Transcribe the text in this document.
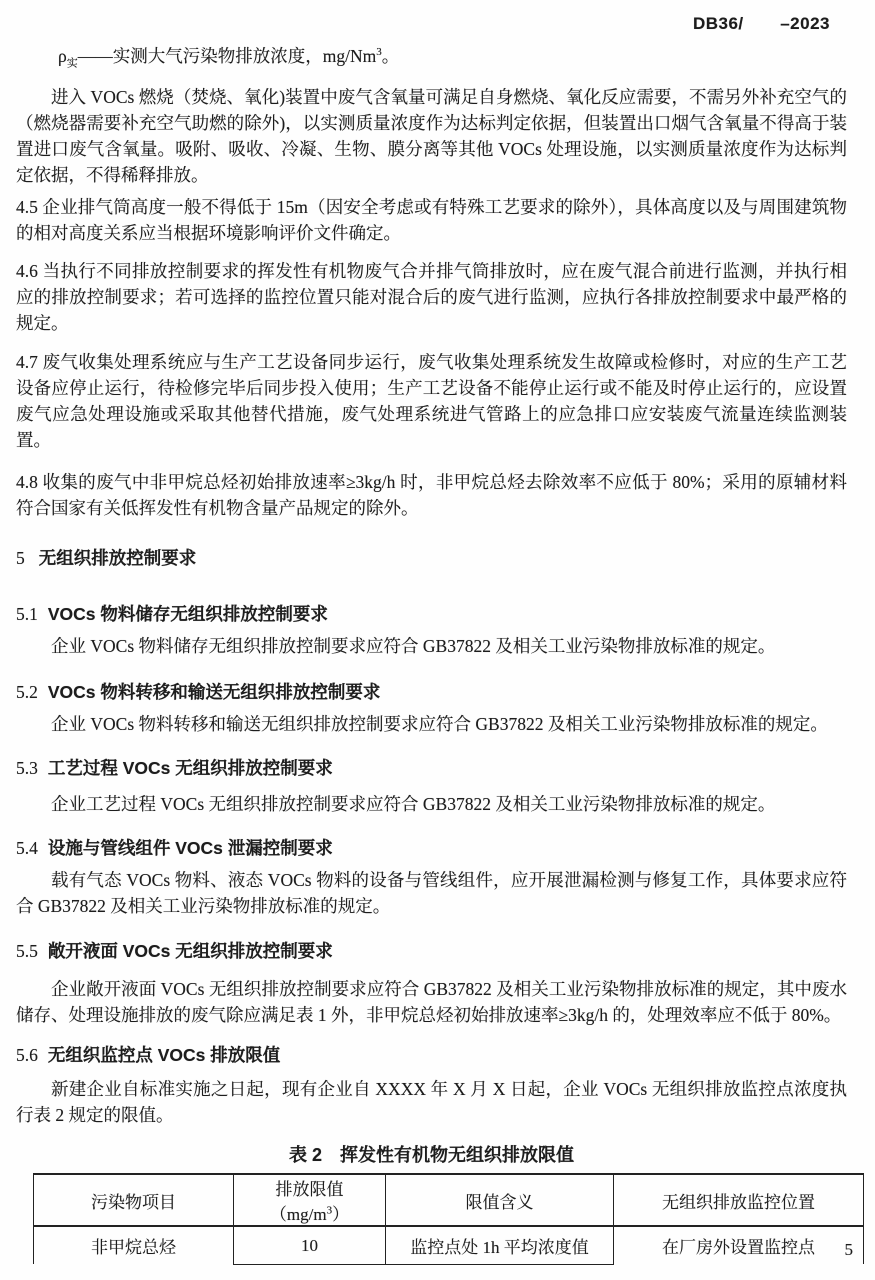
DB36/       –2023

$\rho_实——$实测大气污染物排放浓度，mg/Nm$^3$。

进入 VOCs 燃烧（焚烧、氧化)装置中废气含氧量可满足自身燃烧、氧化反应需要，不需另外补充空气的（燃烧器需要补充空气助燃的除外)，以实测质量浓度作为达标判定依据，但装置出口烟气含氧量不得高于装置进口废气含氧量。吸附、吸收、冷凝、生物、膜分离等其他 VOCs 处理设施，以实测质量浓度作为达标判定依据，不得稀释排放。

4.5 企业排气筒高度一般不得低于 15m（因安全考虑或有特殊工艺要求的除外），具体高度以及与周围建筑物的相对高度关系应当根据环境影响评价文件确定。

4.6 当执行不同排放控制要求的挥发性有机物废气合并排气筒排放时，应在废气混合前进行监测，并执行相应的排放控制要求；若可选择的监控位置只能对混合后的废气进行监测，应执行各排放控制要求中最严格的规定。

4.7 废气收集处理系统应与生产工艺设备同步运行，废气收集处理系统发生故障或检修时，对应的生产工艺设备应停止运行，待检修完毕后同步投入使用；生产工艺设备不能停止运行或不能及时停止运行的，应设置废气应急处理设施或采取其他替代措施，废气处理系统进气管路上的应急排口应安装废气流量连续监测装置。

4.8 收集的废气中非甲烷总烃初始排放速率≥3kg/h 时，非甲烷总烃去除效率不应低于 80%；采用的原辅材料符合国家有关低挥发性有机物含量产品规定的除外。

5 无组织排放控制要求
5.1 VOCs 物料储存无组织排放控制要求

企业 VOCs 物料储存无组织排放控制要求应符合 GB37822 及相关工业污染物排放标准的规定。

5.2 VOCs 物料转移和输送无组织排放控制要求

企业 VOCs 物料转移和输送无组织排放控制要求应符合 GB37822 及相关工业污染物排放标准的规定。

5.3 工艺过程 VOCs 无组织排放控制要求

企业工艺过程 VOCs 无组织排放控制要求应符合 GB37822 及相关工业污染物排放标准的规定。

5.4 设施与管线组件 VOCs 泄漏控制要求

载有气态 VOCs 物料、液态 VOCs 物料的设备与管线组件，应开展泄漏检测与修复工作，具体要求应符合 GB37822 及相关工业污染物排放标准的规定。

5.5 敞开液面 VOCs 无组织排放控制要求

企业敞开液面 VOCs 无组织排放控制要求应符合 GB37822 及相关工业污染物排放标准的规定，其中废水储存、处理设施排放的废气除应满足表 1 外，非甲烷总烃初始排放速率≥3kg/h 的，处理效率应不低于 80%。

5.6 无组织监控点 VOCs 排放限值

新建企业自标准实施之日起，现有企业自 XXXX 年 X 月 X 日起，企业 VOCs 无组织排放监控点浓度执行表 2 规定的限值。

表 2 挥发性有机物无组织排放限值
污染物项目	排放限值$(mg/m^3)$	限值含义	无组织排放监控位置
非甲烷总烃	10	监控点处 1h 平均浓度值	在厂房外设置监控点 5
